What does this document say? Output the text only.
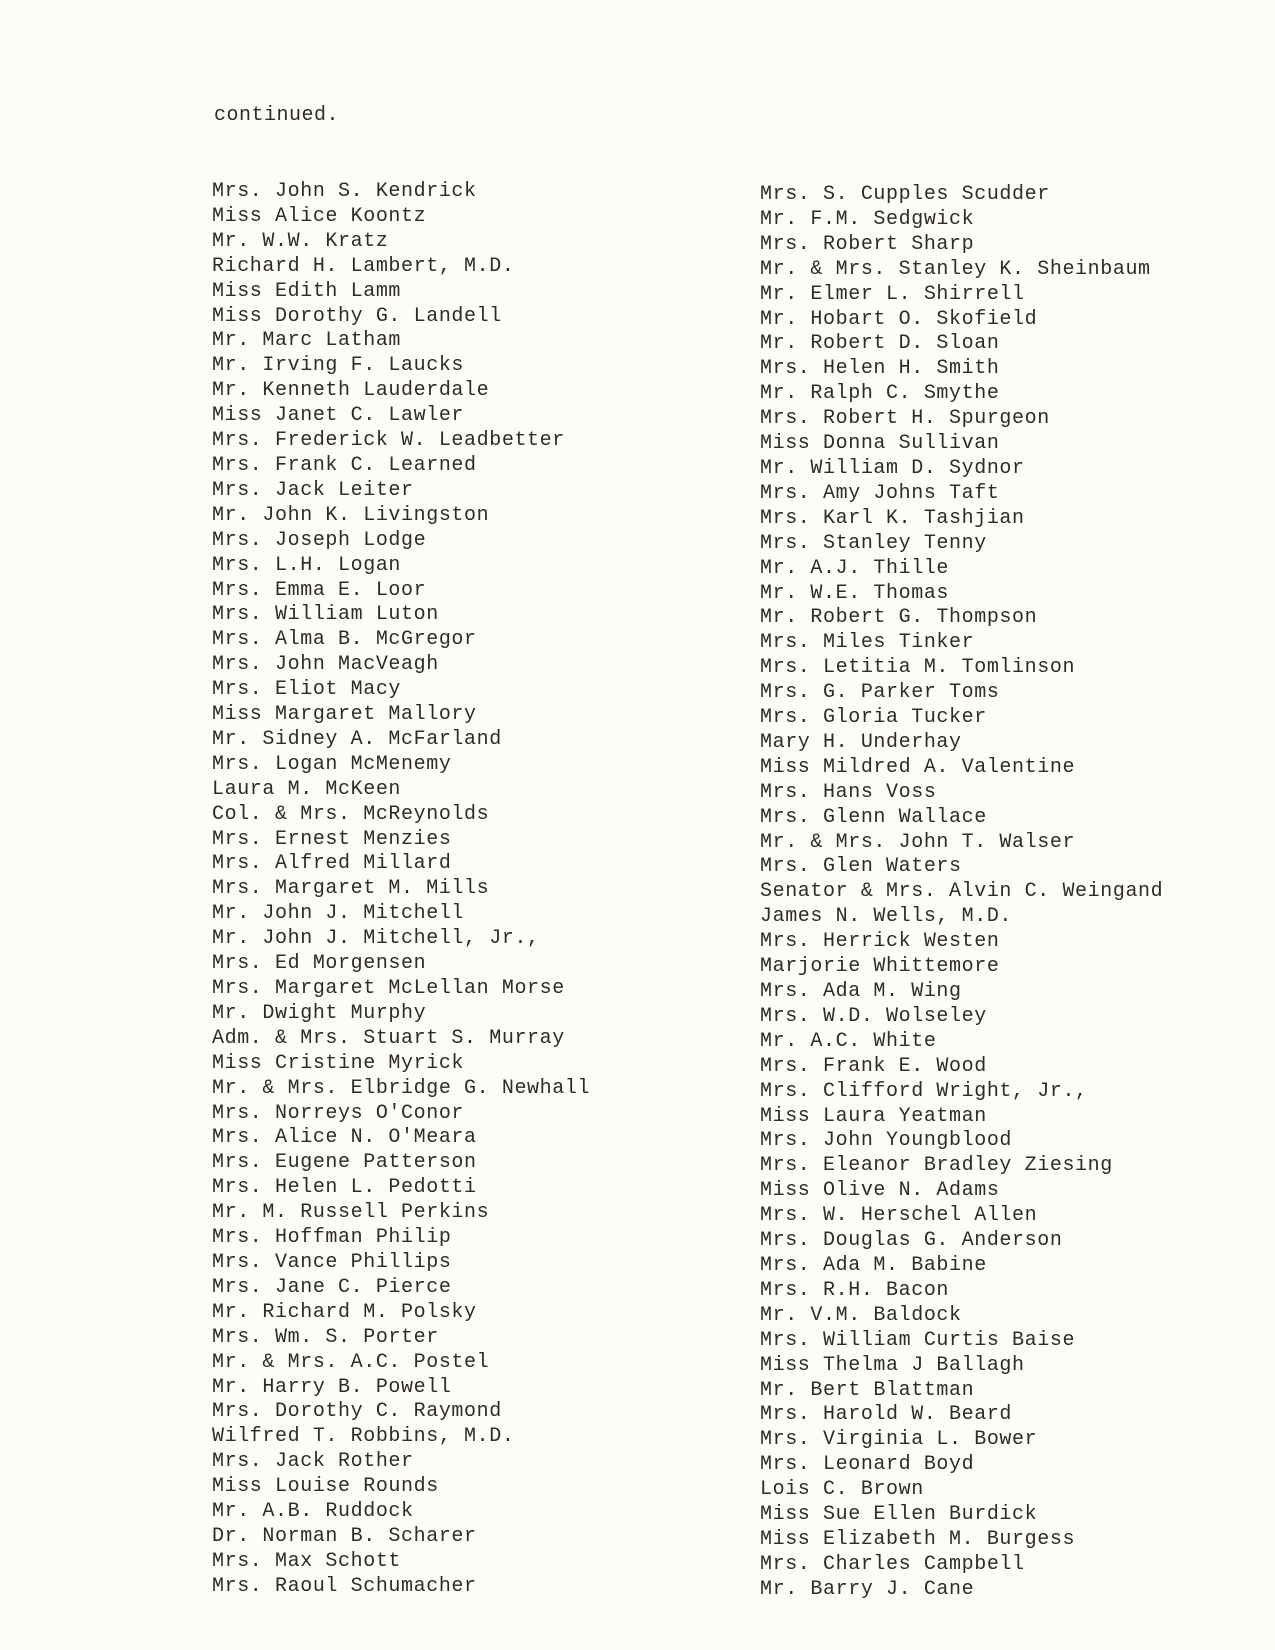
continued.
Mrs. John S. Kendrick
Miss Alice Koontz
Mr. W.W. Kratz
Richard H. Lambert, M.D.
Miss Edith Lamm
Miss Dorothy G. Landell
Mr. Marc Latham
Mr. Irving F. Laucks
Mr. Kenneth Lauderdale
Miss Janet C. Lawler
Mrs. Frederick W. Leadbetter
Mrs. Frank C. Learned
Mrs. Jack Leiter
Mr. John K. Livingston
Mrs. Joseph Lodge
Mrs. L.H. Logan
Mrs. Emma E. Loor
Mrs. William Luton
Mrs. Alma B. McGregor
Mrs. John MacVeagh
Mrs. Eliot Macy
Miss Margaret Mallory
Mr. Sidney A. McFarland
Mrs. Logan McMenemy
Laura M. McKeen
Col. & Mrs. McReynolds
Mrs. Ernest Menzies
Mrs. Alfred Millard
Mrs. Margaret M. Mills
Mr. John J. Mitchell
Mr. John J. Mitchell, Jr.,
Mrs. Ed Morgensen
Mrs. Margaret McLellan Morse
Mr. Dwight Murphy
Adm. & Mrs. Stuart S. Murray
Miss Cristine Myrick
Mr. & Mrs. Elbridge G. Newhall
Mrs. Norreys O'Conor
Mrs. Alice N. O'Meara
Mrs. Eugene Patterson
Mrs. Helen L. Pedotti
Mr. M. Russell Perkins
Mrs. Hoffman Philip
Mrs. Vance Phillips
Mrs. Jane C. Pierce
Mr. Richard M. Polsky
Mrs. Wm. S. Porter
Mr. & Mrs. A.C. Postel
Mr. Harry B. Powell
Mrs. Dorothy C. Raymond
Wilfred T. Robbins, M.D.
Mrs. Jack Rother
Miss Louise Rounds
Mr. A.B. Ruddock
Dr. Norman B. Scharer
Mrs. Max Schott
Mrs. Raoul Schumacher
Mrs. S. Cupples Scudder
Mr. F.M. Sedgwick
Mrs. Robert Sharp
Mr. & Mrs. Stanley K. Sheinbaum
Mr. Elmer L. Shirrell
Mr. Hobart O. Skofield
Mr. Robert D. Sloan
Mrs. Helen H. Smith
Mr. Ralph C. Smythe
Mrs. Robert H. Spurgeon
Miss Donna Sullivan
Mr. William D. Sydnor
Mrs. Amy Johns Taft
Mrs. Karl K. Tashjian
Mrs. Stanley Tenny
Mr. A.J. Thille
Mr. W.E. Thomas
Mr. Robert G. Thompson
Mrs. Miles Tinker
Mrs. Letitia M. Tomlinson
Mrs. G. Parker Toms
Mrs. Gloria Tucker
Mary H. Underhay
Miss Mildred A. Valentine
Mrs. Hans Voss
Mrs. Glenn Wallace
Mr. & Mrs. John T. Walser
Mrs. Glen Waters
Senator & Mrs. Alvin C. Weingand
James N. Wells, M.D.
Mrs. Herrick Westen
Marjorie Whittemore
Mrs. Ada M. Wing
Mrs. W.D. Wolseley
Mr. A.C. White
Mrs. Frank E. Wood
Mrs. Clifford Wright, Jr.,
Miss Laura Yeatman
Mrs. John Youngblood
Mrs. Eleanor Bradley Ziesing
Miss Olive N. Adams
Mrs. W. Herschel Allen
Mrs. Douglas G. Anderson
Mrs. Ada M. Babine
Mrs. R.H. Bacon
Mr. V.M. Baldock
Mrs. William Curtis Baise
Miss Thelma J Ballagh
Mr. Bert Blattman
Mrs. Harold W. Beard
Mrs. Virginia L. Bower
Mrs. Leonard Boyd
Lois C. Brown
Miss Sue Ellen Burdick
Miss Elizabeth M. Burgess
Mrs. Charles Campbell
Mr. Barry J. Cane
